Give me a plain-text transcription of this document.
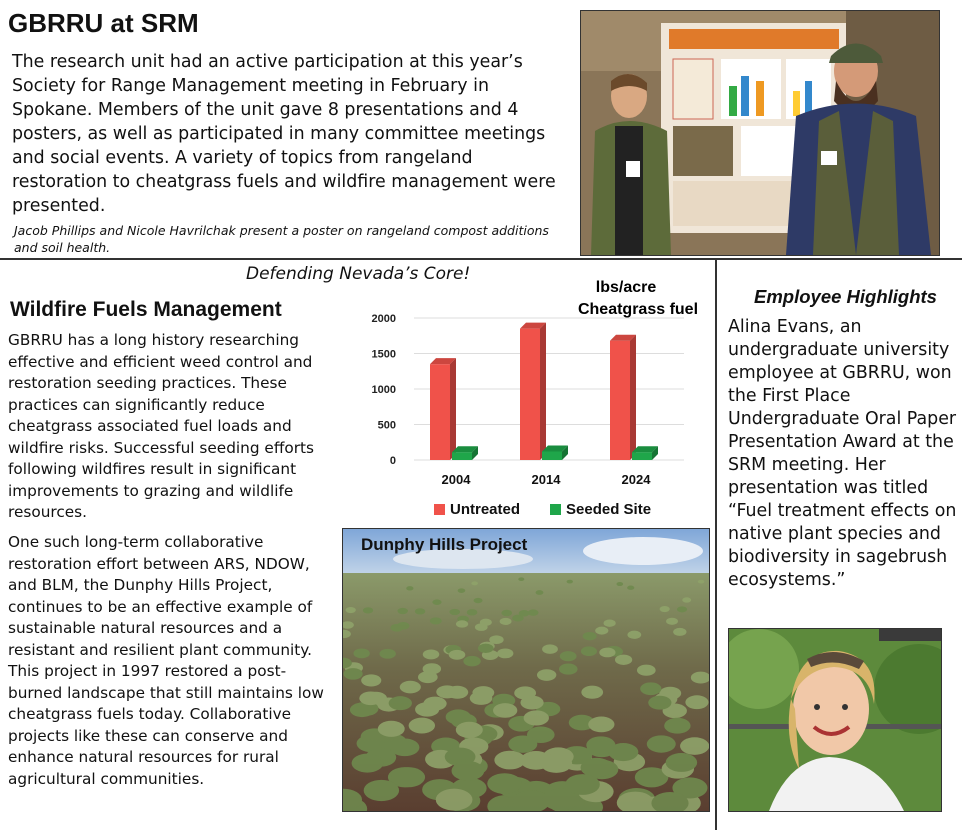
GBRRU at SRM
The research unit had an active participation at this year’s Society for Range Management meeting in February in Spokane. Members of the unit gave 8 presentations and 4 posters, as well as participated in many committee meetings and social events. A variety of topics from rangeland restoration to cheatgrass fuels and wildfire management were presented.
Jacob Phillips and Nicole Havrilchak present a poster on rangeland compost additions and soil health.
Defending Nevada’s Core!
Wildfire Fuels Management
GBRRU has a long history researching effective and efficient weed control and restoration seeding practices. These practices can significantly reduce cheatgrass associated fuel loads and wildfire risks. Successful seeding efforts following wildfires result in significant improvements to grazing and wildlife resources.
One such long-term collaborative restoration effort between ARS, NDOW, and BLM, the Dunphy Hills Project, continues to be an effective example of sustainable natural resources and a resistant and resilient plant community. This project in 1997 restored a post-burned landscape that still maintains low cheatgrass fuels today. Collaborative projects like these can conserve and enhance natural resources for rural agricultural communities.
lbs/acre
Cheatgrass fuel
0
500
1000
1500
2000
2004	2014	2024
Untreated	Seeded Site
Dunphy Hills Project
Employee Highlights
Alina Evans, an undergraduate university employee at GBRRU, won the First Place Undergraduate Oral Paper Presentation Award at the SRM meeting. Her presentation was titled “Fuel treatment effects on native plant species and biodiversity in sagebrush ecosystems.”
